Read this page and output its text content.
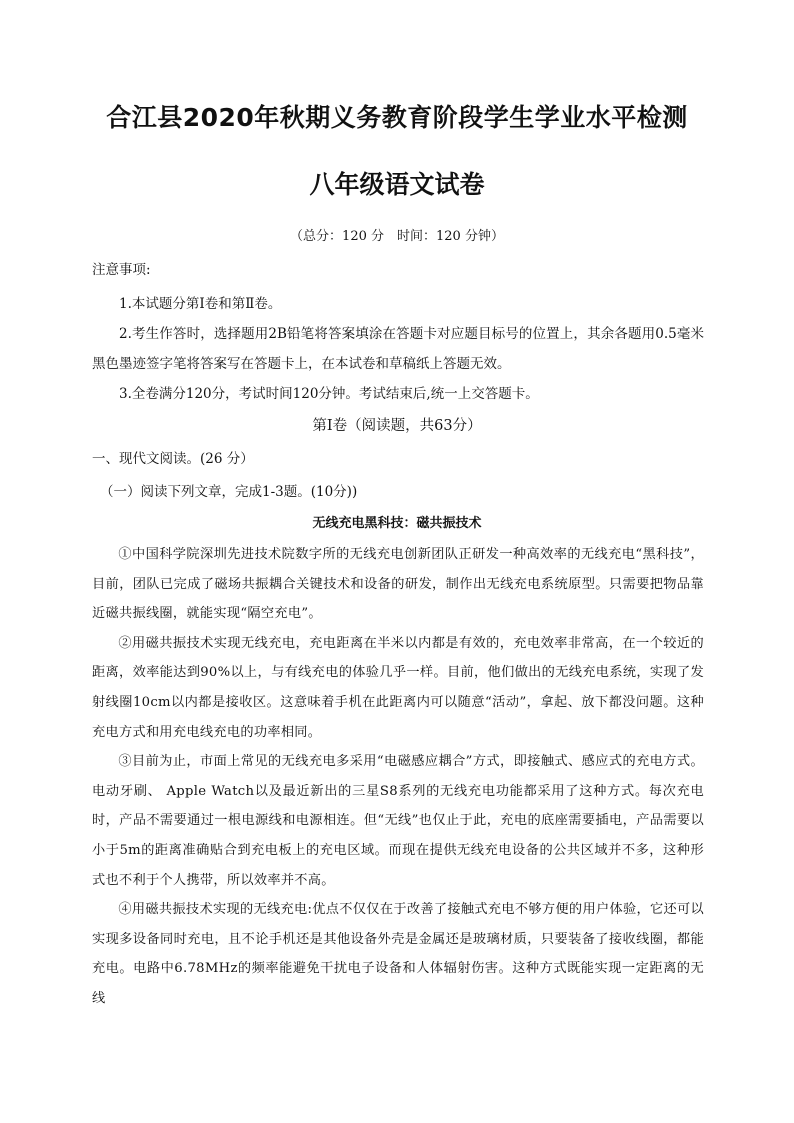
合江县2020年秋期义务教育阶段学生学业水平检测
八年级语文试卷
（总分：120 分　时间：120 分钟）
注意事项:

1.本试题分第Ⅰ卷和第Ⅱ卷。

2.考生作答时，选择题用2B铅笔将答案填涂在答题卡对应题目标号的位置上，其余各题用0.5毫米黑色墨迹签字笔将答案写在答题卡上，在本试卷和草稿纸上答题无效。

3.全卷满分120分，考试时间120分钟。考试结束后,统一上交答题卡。

第Ⅰ卷（阅读题，共63分）
一、现代文阅读。(26 分）
（一）阅读下列文章，完成1-3题。(10分))
无线充电黑科技：磁共振技术

①中国科学院深圳先进技术院数字所的无线充电创新团队正研发一种高效率的无线充电“黑科技”，目前，团队已完成了磁场共振耦合关键技术和设备的研发，制作出无线充电系统原型。只需要把物品靠近磁共振线圈，就能实现“隔空充电”。

②用磁共振技术实现无线充电，充电距离在半米以内都是有效的，充电效率非常高，在一个较近的距离，效率能达到90%以上，与有线充电的体验几乎一样。目前，他们做出的无线充电系统，实现了发射线圈10cm以内都是接收区。这意味着手机在此距离内可以随意“活动”，拿起、放下都没问题。这种充电方式和用充电线充电的功率相同。

③目前为止，市面上常见的无线充电多采用“电磁感应耦合”方式，即接触式、感应式的充电方式。电动牙刷、 Apple Watch以及最近新出的三星S8系列的无线充电功能都采用了这种方式。每次充电时，产品不需要通过一根电源线和电源相连。但“无线”也仅止于此，充电的底座需要插电，产品需要以小于5m的距离准确贴合到充电板上的充电区域。而现在提供无线充电设备的公共区域并不多，这种形式也不利于个人携带，所以效率并不高。

④用磁共振技术实现的无线充电:优点不仅仅在于改善了接触式充电不够方便的用户体验，它还可以实现多设备同时充电，且不论手机还是其他设备外壳是金属还是玻璃材质，只要装备了接收线圈，都能充电。电路中6.78MHz的频率能避免干扰电子设备和人体辐射伤害。这种方式既能实现一定距离的无线
